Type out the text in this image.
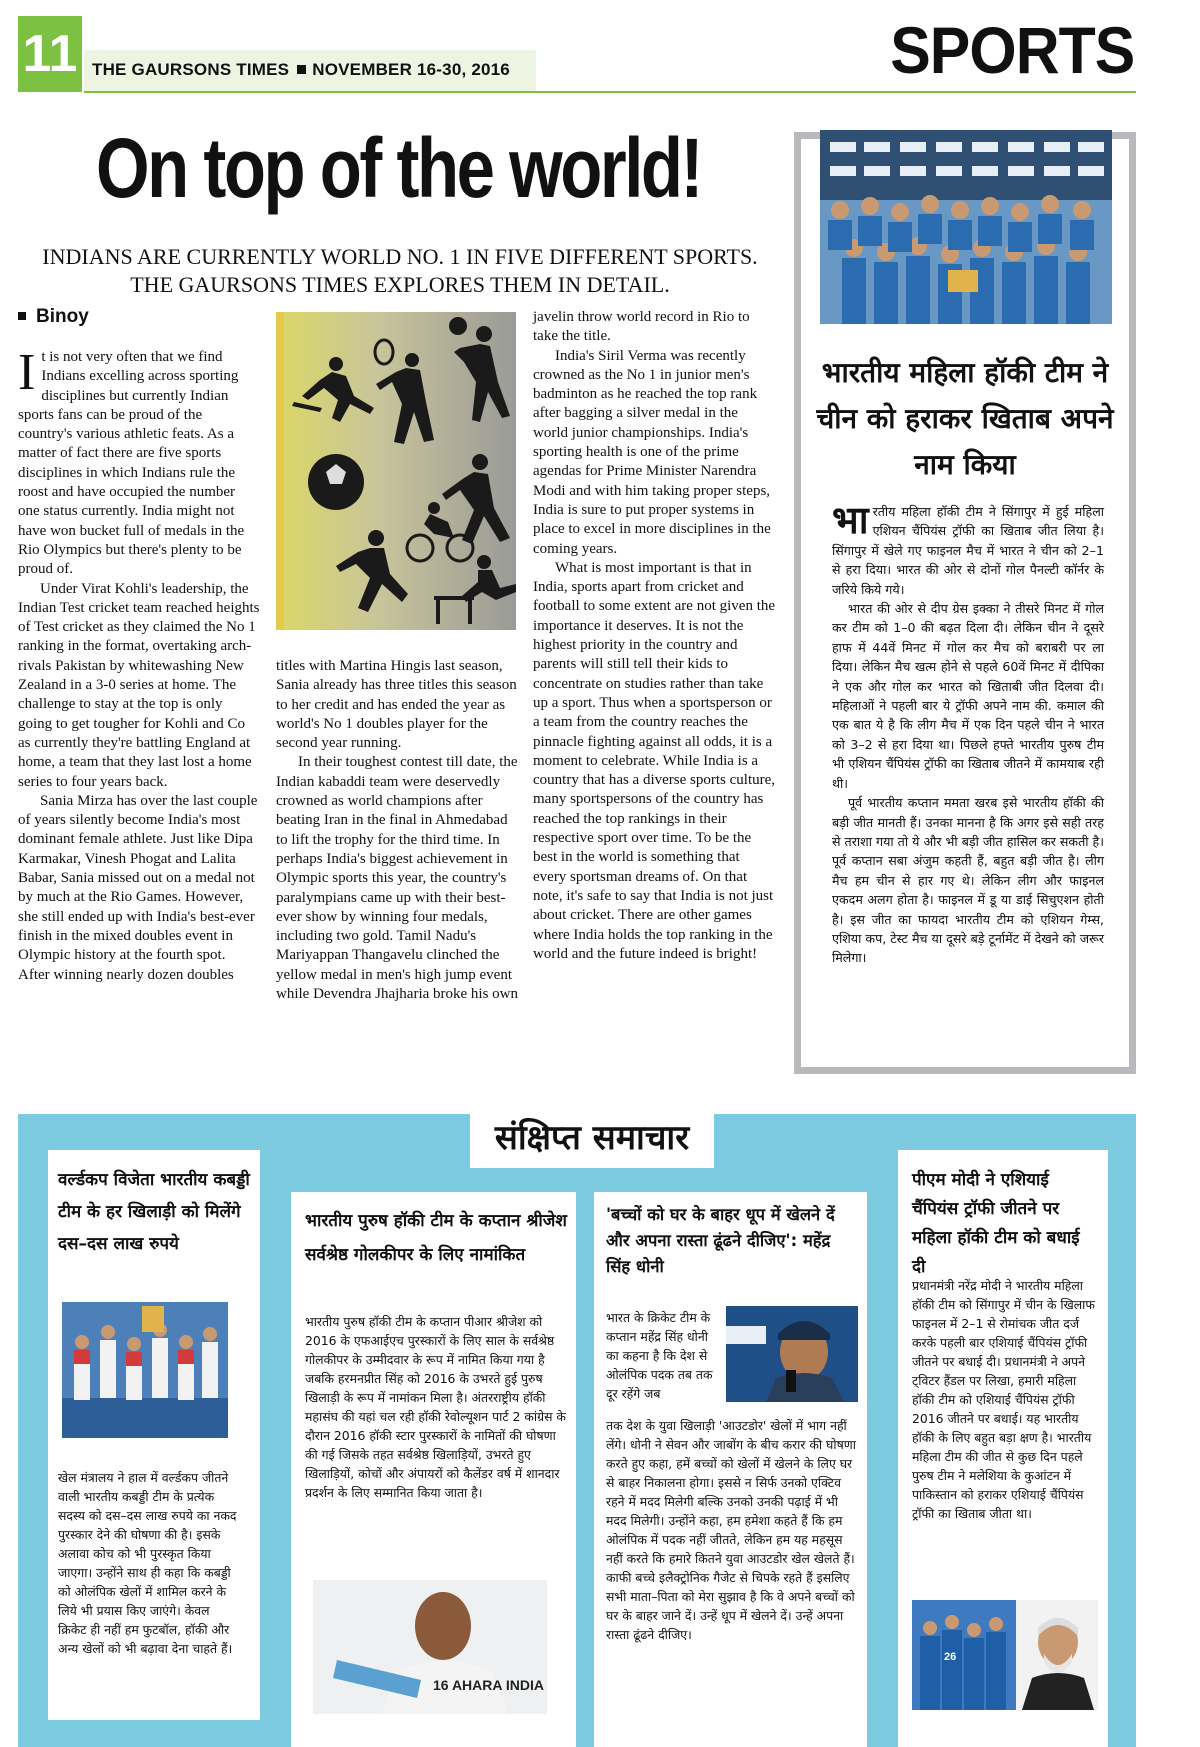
11 THE GAURSONS TIMES NOVEMBER 16-30, 2016	SPORTS
On top of the world!
INDIANS ARE CURRENTLY WORLD NO. 1 IN FIVE DIFFERENT SPORTS. THE GAURSONS TIMES EXPLORES THEM IN DETAIL.
Binoy

It is not very often that we find Indians excelling across sporting disciplines but currently Indian sports fans can be proud of the country's various athletic feats. As a matter of fact there are five sports disciplines in which Indians rule the roost and have occupied the number one status currently. India might not have won bucket full of medals in the Rio Olympics but there's plenty to be proud of.

Under Virat Kohli's leadership, the Indian Test cricket team reached heights of Test cricket as they claimed the No 1 ranking in the format, overtaking arch-rivals Pakistan by whitewashing New Zealand in a 3-0 series at home. The challenge to stay at the top is only going to get tougher for Kohli and Co as currently they're battling England at home, a team that they last lost a home series to four years back.

Sania Mirza has over the last couple of years silently become India's most dominant female athlete. Just like Dipa Karmakar, Vinesh Phogat and Lalita Babar, Sania missed out on a medal not by much at the Rio Games. However, she still ended up with India's best-ever finish in the mixed doubles event in Olympic history at the fourth spot. After winning nearly dozen doubles

titles with Martina Hingis last season, Sania already has three titles this season to her credit and has ended the year as world's No 1 doubles player for the second year running.

In their toughest contest till date, the Indian kabaddi team were deservedly crowned as world champions after beating Iran in the final in Ahmedabad to lift the trophy for the third time. In perhaps India's biggest achievement in Olympic sports this year, the country's paralympians came up with their best-ever show by winning four medals, including two gold. Tamil Nadu's Mariyappan Thangavelu clinched the yellow medal in men's high jump event while Devendra Jhajharia broke his own

javelin throw world record in Rio to take the title.

India's Siril Verma was recently crowned as the No 1 in junior men's badminton as he reached the top rank after bagging a silver medal in the world junior championships. India's sporting health is one of the prime agendas for Prime Minister Narendra Modi and with him taking proper steps, India is sure to put proper systems in place to excel in more disciplines in the coming years.

What is most important is that in India, sports apart from cricket and football to some extent are not given the importance it deserves. It is not the highest priority in the country and parents will still tell their kids to concentrate on studies rather than take up a sport. Thus when a sportsperson or a team from the country reaches the pinnacle fighting against all odds, it is a moment to celebrate. While India is a country that has a diverse sports culture, many sportspersons of the country has reached the top rankings in their respective sport over time. To be the best in the world is something that every sportsman dreams of. On that note, it's safe to say that India is not just about cricket. There are other games where India holds the top ranking in the world and the future indeed is bright!

भारतीय महिला हॉकी टीम ने चीन को हराकर खिताब अपने नाम किया

भारतीय महिला हॉकी टीम ने सिंगापुर में हुई महिला एशियन चैंपियंस ट्रॉफी का खिताब जीत लिया है। सिंगापुर में खेले गए फाइनल मैच में भारत ने चीन को 2–1 से हरा दिया। भारत की ओर से दोनों गोल पैनल्टी कॉर्नर के जरिये किये गये।

भारत की ओर से दीप ग्रेस इक्का ने तीसरे मिनट में गोल कर टीम को 1–0 की बढ़त दिला दी। लेकिन चीन ने दूसरे हाफ में 44वें मिनट में गोल कर मैच को बराबरी पर ला दिया। लेकिन मैच खत्म होने से पहले 60वें मिनट में दीपिका ने एक और गोल कर भारत को खिताबी जीत दिलवा दी। महिलाओं ने पहली बार ये ट्रॉफी अपने नाम की. कमाल की एक बात ये है कि लीग मैच में एक दिन पहले चीन ने भारत को 3–2 से हरा दिया था। पिछले हफ्ते भारतीय पुरुष टीम भी एशियन चैंपियंस ट्रॉफी का खिताब जीतने में कामयाब रही थी।

पूर्व भारतीय कप्तान ममता खरब इसे भारतीय हॉकी की बड़ी जीत मानती हैं। उनका मानना है कि अगर इसे सही तरह से तराशा गया तो ये और भी बड़ी जीत हासिल कर सकती है। पूर्व कप्तान सबा अंजुम कहती हैं, बहुत बड़ी जीत है। लीग मैच हम चीन से हार गए थे। लेकिन लीग और फाइनल एकदम अलग होता है। फाइनल में डू या डाई सिचुएशन होती है। इस जीत का फायदा भारतीय टीम को एशियन गेम्स, एशिया कप, टेस्ट मैच या दूसरे बड़े टूर्नामेंट में देखने को जरूर मिलेगा।

संक्षिप्त समाचार
वर्ल्डकप विजेता भारतीय कबड्डी टीम के हर खिलाड़ी को मिलेंगे दस–दस लाख रुपये
खेल मंत्रालय ने हाल में वर्ल्डकप जीतने वाली भारतीय कबड्डी टीम के प्रत्येक सदस्य को दस–दस लाख रुपये का नकद पुरस्कार देने की घोषणा की है। इसके अलावा कोच को भी पुरस्कृत किया जाएगा। उन्होंने साथ ही कहा कि कबड्डी को ओलंपिक खेलों में शामिल करने के लिये भी प्रयास किए जाएंगे। केवल क्रिकेट ही नहीं हम फुटबॉल, हॉकी और अन्य खेलों को भी बढ़ावा देना चाहते हैं।
भारतीय पुरुष हॉकी टीम के कप्तान श्रीजेश सर्वश्रेष्ठ गोलकीपर के लिए नामांकित
भारतीय पुरुष हॉकी टीम के कप्तान पीआर श्रीजेश को 2016 के एफआईएच पुरस्कारों के लिए साल के सर्वश्रेष्ठ गोलकीपर के उम्मीदवार के रूप में नामित किया गया है जबकि हरमनप्रीत सिंह को 2016 के उभरते हुई पुरुष खिलाड़ी के रूप में नामांकन मिला है। अंतरराष्ट्रीय हॉकी महासंघ की यहां चल रही हॉकी रेवोल्यूशन पार्ट 2 कांग्रेस के दौरान 2016 हॉकी स्टार पुरस्कारों के नामितों की घोषणा की गई जिसके तहत सर्वश्रेष्ठ खिलाड़ियों, उभरते हुए खिलाड़ियों, कोचों और अंपायरों को कैलेंडर वर्ष में शानदार प्रदर्शन के लिए सम्मानित किया जाता है।
16 AHARA INDIA
'बच्चों को घर के बाहर धूप में खेलने दें और अपना रास्ता ढूंढने दीजिए': महेंद्र सिंह धोनी
भारत के क्रिकेट टीम के कप्तान महेंद्र सिंह धोनी का कहना है कि देश से ओलंपिक पदक तब तक दूर रहेंगे जब
तक देश के युवा खिलाड़ी 'आउटडोर' खेलों में भाग नहीं लेंगे। धोनी ने सेवन और जाबोंग के बीच करार की घोषणा करते हुए कहा, हमें बच्चों को खेलों में खेलने के लिए घर से बाहर निकालना होगा। इससे न सिर्फ उनको एक्टिव रहने में मदद मिलेगी बल्कि उनको उनकी पढ़ाई में भी मदद मिलेगी। उन्होंने कहा, हम हमेशा कहते हैं कि हम ओलंपिक में पदक नहीं जीतते, लेकिन हम यह महसूस नहीं करते कि हमारे कितने युवा आउटडोर खेल खेलते हैं। काफी बच्चे इलैक्ट्रोनिक गैजेट से चिपके रहते हैं इसलिए सभी माता–पिता को मेरा सुझाव है कि वे अपने बच्चों को घर के बाहर जाने दें। उन्हें धूप में खेलने दें। उन्हें अपना रास्ता ढूंढने दीजिए।
पीएम मोदी ने एशियाई चैंपियंस ट्रॉफी जीतने पर महिला हॉकी टीम को बधाई दी
प्रधानमंत्री नरेंद्र मोदी ने भारतीय महिला हॉकी टीम को सिंगापुर में चीन के खिलाफ फाइनल में 2–1 से रोमांचक जीत दर्ज करके पहली बार एशियाई चैंपियंस ट्रॉफी जीतने पर बधाई दी। प्रधानमंत्री ने अपने ट्विटर हैंडल पर लिखा, हमारी महिला हॉकी टीम को एशियाई चैंपियंस ट्रॉफी 2016 जीतने पर बधाई। यह भारतीय हॉकी के लिए बहुत बड़ा क्षण है। भारतीय महिला टीम की जीत से कुछ दिन पहले पुरुष टीम ने मलेशिया के कुआंटन में पाकिस्तान को हराकर एशियाई चैंपियंस ट्रॉफी का खिताब जीता था।
26
